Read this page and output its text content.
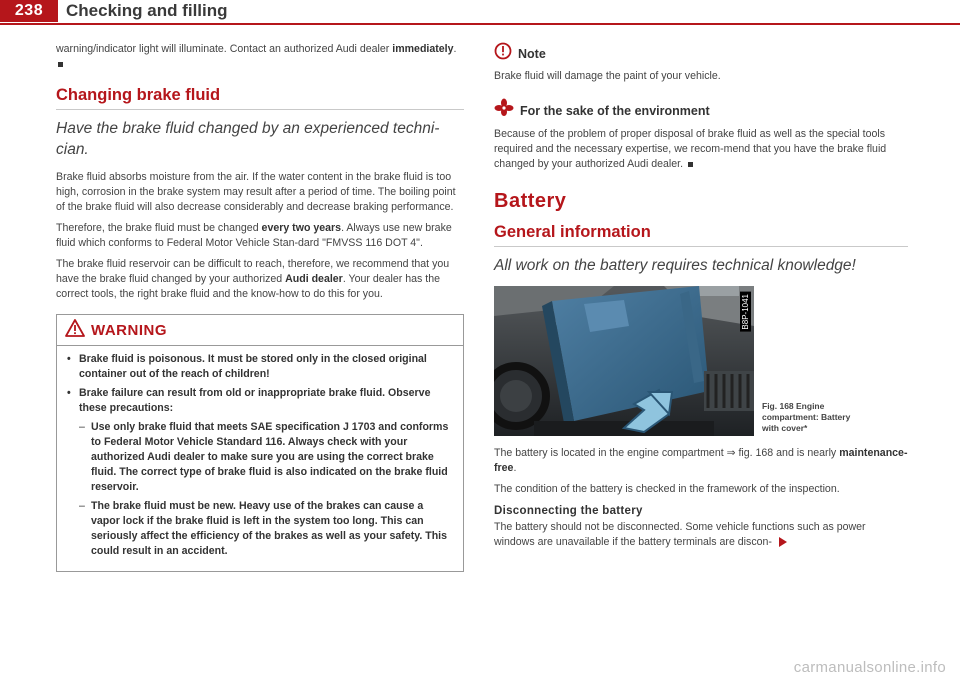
238	Checking and filling

warning/indicator light will illuminate. Contact an authorized Audi dealer immediately.

Changing brake fluid
Have the brake fluid changed by an experienced techni-cian.

Brake fluid absorbs moisture from the air. If the water content in the brake fluid is too high, corrosion in the brake system may result after a period of time. The boiling point of the brake fluid will also decrease considerably and decrease braking performance.

Therefore, the brake fluid must be changed every two years. Always use new brake fluid which conforms to Federal Motor Vehicle Stan-dard "FMVSS 116 DOT 4".

The brake fluid reservoir can be difficult to reach, therefore, we recommend that you have the brake fluid changed by your authorized Audi dealer. Your dealer has the correct tools, the right brake fluid and the know-how to do this for you.

WARNING
• Brake fluid is poisonous. It must be stored only in the closed original container out of the reach of children!
• Brake failure can result from old or inappropriate brake fluid. Observe these precautions:
– Use only brake fluid that meets SAE specification J 1703 and conforms to Federal Motor Vehicle Standard 116. Always check with your authorized Audi dealer to make sure you are using the correct brake fluid. The correct type of brake fluid is also indicated on the brake fluid reservoir.
– The brake fluid must be new. Heavy use of the brakes can cause a vapor lock if the brake fluid is left in the system too long. This can seriously affect the efficiency of the brakes as well as your safety. This could result in an accident.
Note

Brake fluid will damage the paint of your vehicle.

For the sake of the environment

Because of the problem of proper disposal of brake fluid as well as the special tools required and the necessary expertise, we recom-mend that you have the brake fluid changed by your authorized Audi dealer.

Battery
General information
All work on the battery requires technical knowledge!
B8P-1041
Fig. 168 Engine
compartment: Battery
with cover*

The battery is located in the engine compartment ⇒ fig. 168 and is nearly maintenance-free.

The condition of the battery is checked in the framework of the inspection.

Disconnecting the battery

The battery should not be disconnected. Some vehicle functions such as power windows are unavailable if the battery terminals are discon-

carmanualsonline.info
